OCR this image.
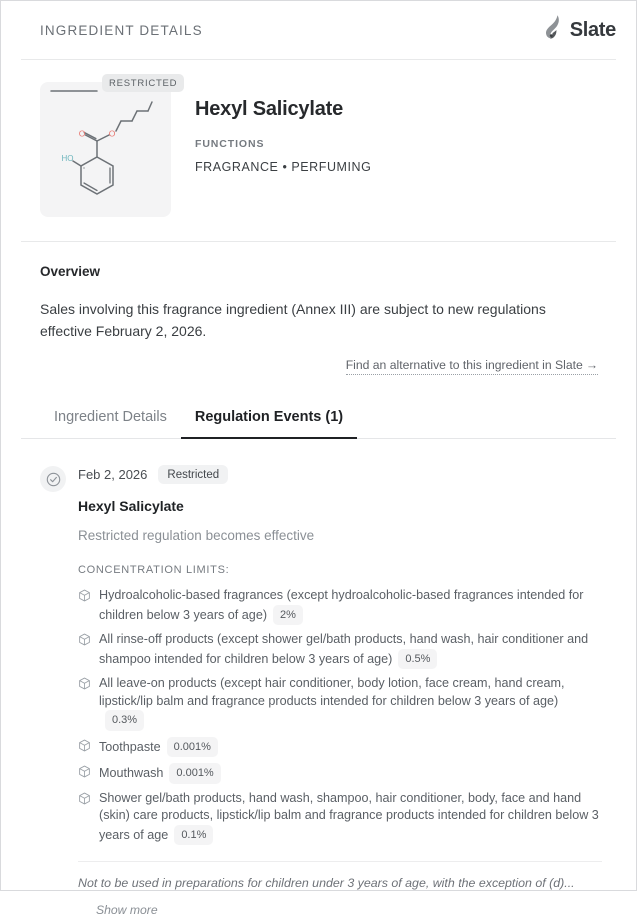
INGREDIENT DETAILS	Slate
O	O
HO
RESTRICTED
Hexyl Salicylate
FUNCTIONS
FRAGRANCE • PERFUMING
Overview
Sales involving this fragrance ingredient (Annex III) are subject to new regulations effective February 2, 2026.
Find an alternative to this ingredient in Slate →
Ingredient Details	Regulation Events (1)
Feb 2, 2026	Restricted
Hexyl Salicylate
Restricted regulation becomes effective
CONCENTRATION LIMITS:
Hydroalcoholic-based fragrances (except hydroalcoholic-based fragrances intended for children below 3 years of age) 2%
All rinse-off products (except shower gel/bath products, hand wash, hair conditioner and shampoo intended for children below 3 years of age) 0.5%
All leave-on products (except hair conditioner, body lotion, face cream, hand cream, lipstick/lip balm and fragrance products intended for children below 3 years of age)0.3%
Toothpaste 0.001%
Mouthwash 0.001%
Shower gel/bath products, hand wash, shampoo, hair conditioner, body, face and hand (skin) care products, lipstick/lip balm and fragrance products intended for children below 3 years of age 0.1%
Not to be used in preparations for children under 3 years of age, with the exception of (d)...
Show more
